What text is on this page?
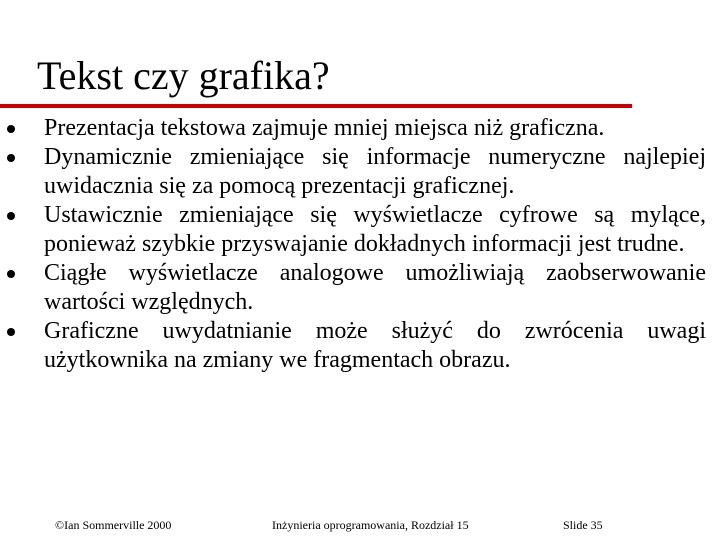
Tekst czy grafika?
Prezentacja tekstowa zajmuje mniej miejsca niż graficzna.
Dynamicznie zmieniające się informacje numeryczne najlepiej uwidacznia się za pomocą prezentacji graficznej.
Ustawicznie zmieniające się wyświetlacze cyfrowe są mylące, ponieważ szybkie przyswajanie dokładnych informacji jest trudne.
Ciągłe wyświetlacze analogowe umożliwiają zaobserwowanie wartości względnych.
Graficzne uwydatnianie może służyć do zwrócenia uwagi użytkownika na zmiany we fragmentach obrazu.
©Ian Sommerville 2000	Inżynieria oprogramowania, Rozdział 15	Slide 35
